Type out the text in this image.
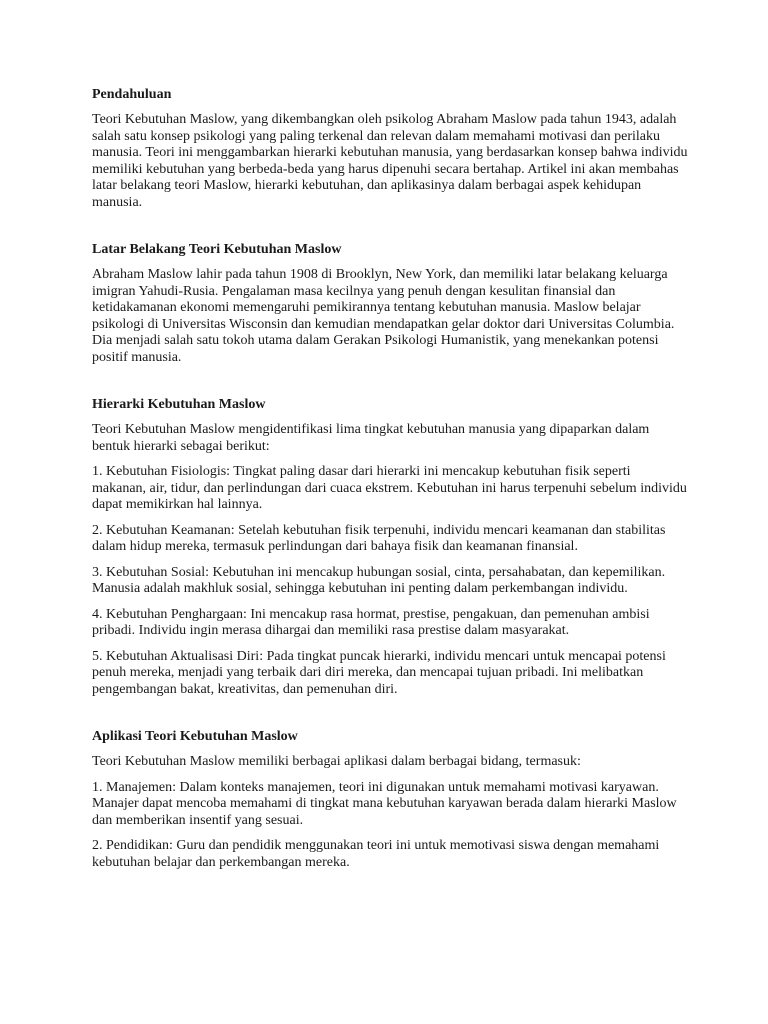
Pendahuluan

Teori Kebutuhan Maslow, yang dikembangkan oleh psikolog Abraham Maslow pada tahun 1943, adalah salah satu konsep psikologi yang paling terkenal dan relevan dalam memahami motivasi dan perilaku manusia. Teori ini menggambarkan hierarki kebutuhan manusia, yang berdasarkan konsep bahwa individu memiliki kebutuhan yang berbeda-beda yang harus dipenuhi secara bertahap. Artikel ini akan membahas latar belakang teori Maslow, hierarki kebutuhan, dan aplikasinya dalam berbagai aspek kehidupan manusia.

Latar Belakang Teori Kebutuhan Maslow

Abraham Maslow lahir pada tahun 1908 di Brooklyn, New York, dan memiliki latar belakang keluarga imigran Yahudi-Rusia. Pengalaman masa kecilnya yang penuh dengan kesulitan finansial dan ketidakamanan ekonomi memengaruhi pemikirannya tentang kebutuhan manusia. Maslow belajar psikologi di Universitas Wisconsin dan kemudian mendapatkan gelar doktor dari Universitas Columbia. Dia menjadi salah satu tokoh utama dalam Gerakan Psikologi Humanistik, yang menekankan potensi positif manusia.

Hierarki Kebutuhan Maslow

Teori Kebutuhan Maslow mengidentifikasi lima tingkat kebutuhan manusia yang dipaparkan dalam bentuk hierarki sebagai berikut:

1. Kebutuhan Fisiologis: Tingkat paling dasar dari hierarki ini mencakup kebutuhan fisik seperti makanan, air, tidur, dan perlindungan dari cuaca ekstrem. Kebutuhan ini harus terpenuhi sebelum individu dapat memikirkan hal lainnya.

2. Kebutuhan Keamanan: Setelah kebutuhan fisik terpenuhi, individu mencari keamanan dan stabilitas dalam hidup mereka, termasuk perlindungan dari bahaya fisik dan keamanan finansial.

3. Kebutuhan Sosial: Kebutuhan ini mencakup hubungan sosial, cinta, persahabatan, dan kepemilikan. Manusia adalah makhluk sosial, sehingga kebutuhan ini penting dalam perkembangan individu.

4. Kebutuhan Penghargaan: Ini mencakup rasa hormat, prestise, pengakuan, dan pemenuhan ambisi pribadi. Individu ingin merasa dihargai dan memiliki rasa prestise dalam masyarakat.

5. Kebutuhan Aktualisasi Diri: Pada tingkat puncak hierarki, individu mencari untuk mencapai potensi penuh mereka, menjadi yang terbaik dari diri mereka, dan mencapai tujuan pribadi. Ini melibatkan pengembangan bakat, kreativitas, dan pemenuhan diri.

Aplikasi Teori Kebutuhan Maslow

Teori Kebutuhan Maslow memiliki berbagai aplikasi dalam berbagai bidang, termasuk:

1. Manajemen: Dalam konteks manajemen, teori ini digunakan untuk memahami motivasi karyawan. Manajer dapat mencoba memahami di tingkat mana kebutuhan karyawan berada dalam hierarki Maslow dan memberikan insentif yang sesuai.

2. Pendidikan: Guru dan pendidik menggunakan teori ini untuk memotivasi siswa dengan memahami kebutuhan belajar dan perkembangan mereka.
